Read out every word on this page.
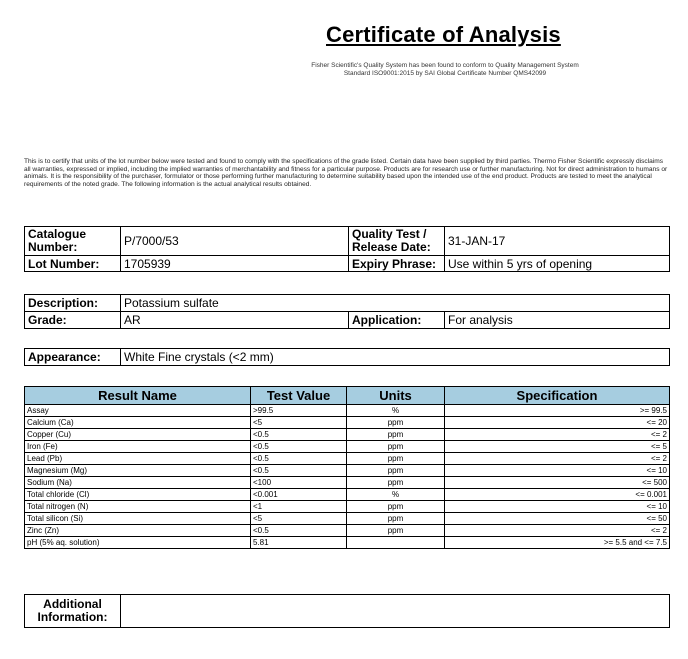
Certificate of Analysis
Fisher Scientific's Quality System has been found to conform to Quality Management System Standard ISO9001:2015 by SAI Global Certificate Number QMS42099
This is to certify that units of the lot number below were tested and found to comply with the specifications of the grade listed. Certain data have been supplied by third parties. Thermo Fisher Scientific expressly disclaims all warranties, expressed or implied, including the implied warranties of merchantability and fitness for a particular purpose. Products are for research use or further manufacturing. Not for direct administration to humans or animals. It is the responsibility of the purchaser, formulator or those performing further manufacturing to determine suitability based upon the intended use of the end product. Products are tested to meet the analytical requirements of the noted grade. The following information is the actual analytical results obtained.
Catalogue Number:	P/7000/53	Quality Test / Release Date:	31-JAN-17
Lot Number:	1705939	Expiry Phrase:	Use within 5 yrs of opening
Description:	Potassium sulfate		
Grade:	AR	Application:	For analysis
Appearance:	White Fine crystals (<2 mm)
Result Name	Test Value	Units	Specification
Assay	>99.5	%	>= 99.5
Calcium (Ca)	<5	ppm	<= 20
Copper (Cu)	<0.5	ppm	<= 2
Iron (Fe)	<0.5	ppm	<= 5
Lead (Pb)	<0.5	ppm	<= 2
Magnesium (Mg)	<0.5	ppm	<= 10
Sodium (Na)	<100	ppm	<= 500
Total chloride (Cl)	<0.001	%	<= 0.001
Total nitrogen (N)	<1	ppm	<= 10
Total silicon (Si)	<5	ppm	<= 50
Zinc (Zn)	<0.5	ppm	<= 2
pH (5% aq. solution)	5.81		>= 5.5 and <= 7.5
Additional Information:	
